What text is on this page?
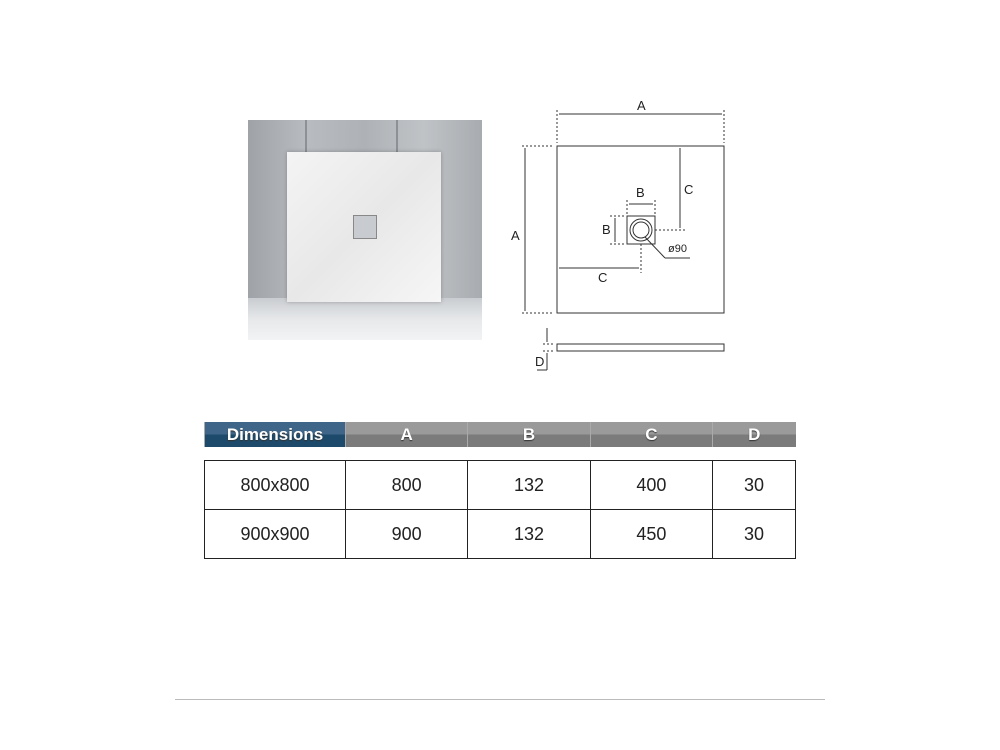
A
A
B
B
C
C
ø90
D
Dimensions	A	B	C	D

800x800	800	132	400	30
900x900	900	132	450	30
